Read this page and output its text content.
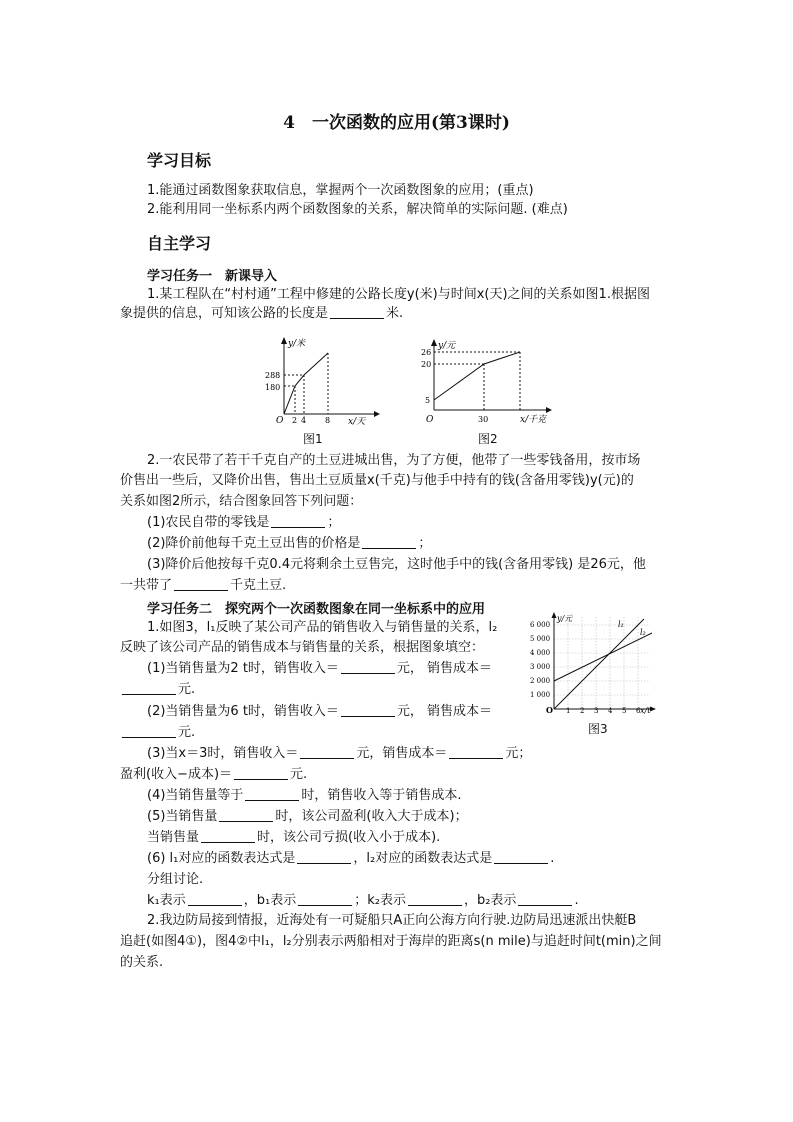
4　一次函数的应用(第3课时)
学习目标
1.能通过函数图象获取信息，掌握两个一次函数图象的应用；(重点)
2.能利用同一坐标系内两个函数图象的关系，解决简单的实际问题. (难点)
自主学习
学习任务一　新课导入
1.某工程队在“村村通”工程中修建的公路长度y(米)与时间x(天)之间的关系如图1.根据图
象提供的信息，可知该公路的长度是	米.
y/米
x/天
O
288
180
2 4 8
图1
y/元
x/千克
O
26
20
5
30
图2
2.一农民带了若干千克自产的土豆进城出售，为了方便，他带了一些零钱备用，按市场
价售出一些后，又降价出售，售出土豆质量x(千克)与他手中持有的钱(含备用零钱)y(元)的
关系如图2所示，结合图象回答下列问题：
(1)农民自带的零钱是	；
(2)降价前他每千克土豆出售的价格是	；
(3)降价后他按每千克0.4元将剩余土豆售完，这时他手中的钱(含备用零钱) 是26元，他
一共带了	千克土豆.
学习任务二　探究两个一次函数图象在同一坐标系中的应用
y/元
x/t
O
6 000
5 000
4 000
3 000
2 000
1 000
1 2 3 4 5 6
l₁
l₂
图3
1.如图3，l₁反映了某公司产品的销售收入与销售量的关系，l₂
反映了该公司产品的销售成本与销售量的关系，根据图象填空：
(1)当销售量为2 t时，销售收入＝	元， 销售成本＝
元.
(2)当销售量为6 t时，销售收入＝	元， 销售成本＝
元.
(3)当x＝3时，销售收入＝	元，销售成本＝	元；
盈利(收入−成本)＝	元.
(4)当销售量等于	时，销售收入等于销售成本.
(5)当销售量	时，该公司盈利(收入大于成本)；
当销售量	时，该公司亏损(收入小于成本).
(6) l₁对应的函数表达式是	，l₂对应的函数表达式是	.
分组讨论.
k₁表示	，b₁表示	；k₂表示	，b₂表示	.
2.我边防局接到情报，近海处有一可疑船只A正向公海方向行驶.边防局迅速派出快艇B
追赶(如图4①)，图4②中l₁，l₂分别表示两船相对于海岸的距离s(n mile)与追赶时间t(min)之间
的关系.
